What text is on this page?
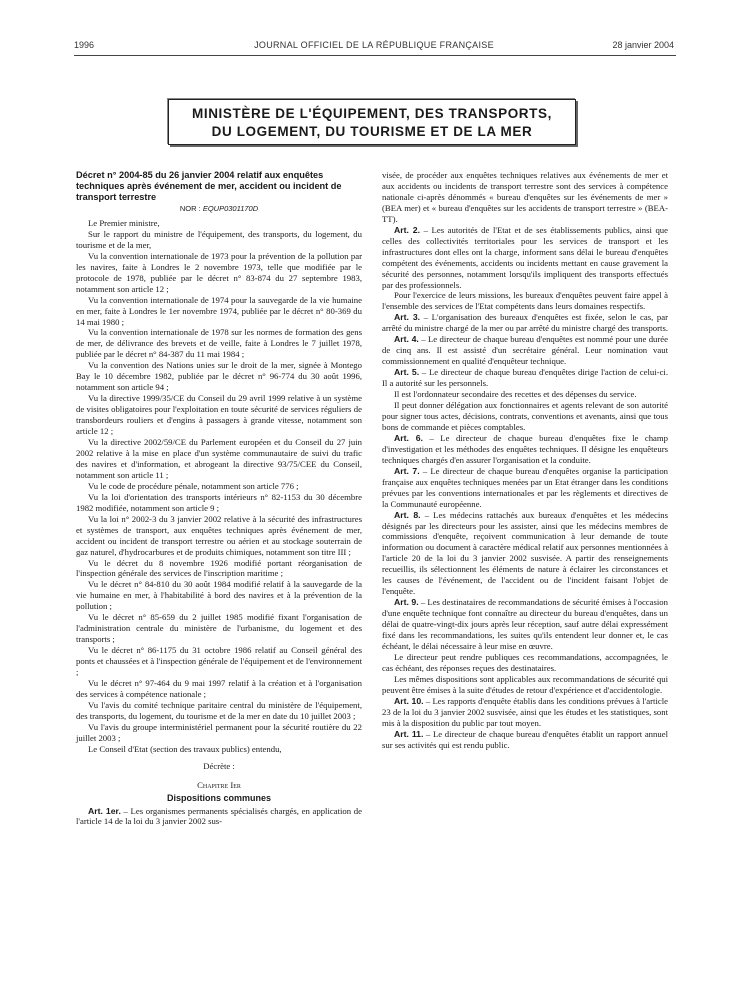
1996	JOURNAL OFFICIEL DE LA RÉPUBLIQUE FRANÇAISE	28 janvier 2004
MINISTÈRE DE L'ÉQUIPEMENT, DES TRANSPORTS,
DU LOGEMENT, DU TOURISME ET DE LA MER

Décret n° 2004-85 du 26 janvier 2004 relatif aux enquêtes techniques après événement de mer, accident ou incident de transport terrestre

NOR : EQUP0301170D

Le Premier ministre,

Sur le rapport du ministre de l'équipement, des transports, du logement, du tourisme et de la mer,

Vu la convention internationale de 1973 pour la prévention de la pollution par les navires, faite à Londres le 2 novembre 1973, telle que modifiée par le protocole de 1978, publiée par le décret n° 83-874 du 27 septembre 1983, notamment son article 12 ;

Vu la convention internationale de 1974 pour la sauvegarde de la vie humaine en mer, faite à Londres le 1er novembre 1974, publiée par le décret n° 80-369 du 14 mai 1980 ;

Vu la convention internationale de 1978 sur les normes de formation des gens de mer, de délivrance des brevets et de veille, faite à Londres le 7 juillet 1978, publiée par le décret n° 84-387 du 11 mai 1984 ;

Vu la convention des Nations unies sur le droit de la mer, signée à Montego Bay le 10 décembre 1982, publiée par le décret n° 96-774 du 30 août 1996, notamment son article 94 ;

Vu la directive 1999/35/CE du Conseil du 29 avril 1999 relative à un système de visites obligatoires pour l'exploitation en toute sécurité de services réguliers de transbordeurs rouliers et d'engins à passagers à grande vitesse, notamment son article 12 ;

Vu la directive 2002/59/CE du Parlement européen et du Conseil du 27 juin 2002 relative à la mise en place d'un système communautaire de suivi du trafic des navires et d'information, et abrogeant la directive 93/75/CEE du Conseil, notamment son article 11 ;

Vu le code de procédure pénale, notamment son article 776 ;

Vu la loi d'orientation des transports intérieurs n° 82-1153 du 30 décembre 1982 modifiée, notamment son article 9 ;

Vu la loi n° 2002-3 du 3 janvier 2002 relative à la sécurité des infrastructures et systèmes de transport, aux enquêtes techniques après événement de mer, accident ou incident de transport terrestre ou aérien et au stockage souterrain de gaz naturel, d'hydrocarbures et de produits chimiques, notamment son titre III ;

Vu le décret du 8 novembre 1926 modifié portant réorganisation de l'inspection générale des services de l'inscription maritime ;

Vu le décret n° 84-810 du 30 août 1984 modifié relatif à la sauvegarde de la vie humaine en mer, à l'habitabilité à bord des navires et à la prévention de la pollution ;

Vu le décret n° 85-659 du 2 juillet 1985 modifié fixant l'organisation de l'administration centrale du ministère de l'urbanisme, du logement et des transports ;

Vu le décret n° 86-1175 du 31 octobre 1986 relatif au Conseil général des ponts et chaussées et à l'inspection générale de l'équipement et de l'environnement ;

Vu le décret n° 97-464 du 9 mai 1997 relatif à la création et à l'organisation des services à compétence nationale ;

Vu l'avis du comité technique paritaire central du ministère de l'équipement, des transports, du logement, du tourisme et de la mer en date du 10 juillet 2003 ;

Vu l'avis du groupe interministériel permanent pour la sécurité routière du 22 juillet 2003 ;

Le Conseil d'Etat (section des travaux publics) entendu,

Décrète :
Chapitre Ier
Dispositions communes

Art. 1er. – Les organismes permanents spécialisés chargés, en application de l'article 14 de la loi du 3 janvier 2002 sus-

visée, de procéder aux enquêtes techniques relatives aux événements de mer et aux accidents ou incidents de transport terrestre sont des services à compétence nationale ci-après dénommés « bureau d'enquêtes sur les événements de mer » (BEA mer) et « bureau d'enquêtes sur les accidents de transport terrestre » (BEA-TT).

Art. 2. – Les autorités de l'Etat et de ses établissements publics, ainsi que celles des collectivités territoriales pour les services de transport et les infrastructures dont elles ont la charge, informent sans délai le bureau d'enquêtes compétent des événements, accidents ou incidents mettant en cause gravement la sécurité des personnes, notamment lorsqu'ils impliquent des transports effectués par des professionnels.

Pour l'exercice de leurs missions, les bureaux d'enquêtes peuvent faire appel à l'ensemble des services de l'Etat compétents dans leurs domaines respectifs.

Art. 3. – L'organisation des bureaux d'enquêtes est fixée, selon le cas, par arrêté du ministre chargé de la mer ou par arrêté du ministre chargé des transports.

Art. 4. – Le directeur de chaque bureau d'enquêtes est nommé pour une durée de cinq ans. Il est assisté d'un secrétaire général. Leur nomination vaut commissionnement en qualité d'enquêteur technique.

Art. 5. – Le directeur de chaque bureau d'enquêtes dirige l'action de celui-ci. Il a autorité sur les personnels.

Il est l'ordonnateur secondaire des recettes et des dépenses du service.

Il peut donner délégation aux fonctionnaires et agents relevant de son autorité pour signer tous actes, décisions, contrats, conventions et avenants, ainsi que tous bons de commande et pièces comptables.

Art. 6. – Le directeur de chaque bureau d'enquêtes fixe le champ d'investigation et les méthodes des enquêtes techniques. Il désigne les enquêteurs techniques chargés d'en assurer l'organisation et la conduite.

Art. 7. – Le directeur de chaque bureau d'enquêtes organise la participation française aux enquêtes techniques menées par un Etat étranger dans les conditions prévues par les conventions internationales et par les règlements et directives de la Communauté européenne.

Art. 8. – Les médecins rattachés aux bureaux d'enquêtes et les médecins désignés par les directeurs pour les assister, ainsi que les médecins membres de commissions d'enquête, reçoivent communication à leur demande de toute information ou document à caractère médical relatif aux personnes mentionnées à l'article 20 de la loi du 3 janvier 2002 susvisée. A partir des renseignements recueillis, ils sélectionnent les éléments de nature à éclairer les circonstances et les causes de l'événement, de l'accident ou de l'incident faisant l'objet de l'enquête.

Art. 9. – Les destinataires de recommandations de sécurité émises à l'occasion d'une enquête technique font connaître au directeur du bureau d'enquêtes, dans un délai de quatre-vingt-dix jours après leur réception, sauf autre délai expressément fixé dans les recommandations, les suites qu'ils entendent leur donner et, le cas échéant, le délai nécessaire à leur mise en œuvre.

Le directeur peut rendre publiques ces recommandations, accompagnées, le cas échéant, des réponses reçues des destinataires.

Les mêmes dispositions sont applicables aux recommandations de sécurité qui peuvent être émises à la suite d'études de retour d'expérience et d'accidentologie.

Art. 10. – Les rapports d'enquête établis dans les conditions prévues à l'article 23 de la loi du 3 janvier 2002 susvisée, ainsi que les études et les statistiques, sont mis à la disposition du public par tout moyen.

Art. 11. – Le directeur de chaque bureau d'enquêtes établit un rapport annuel sur ses activités qui est rendu public.
